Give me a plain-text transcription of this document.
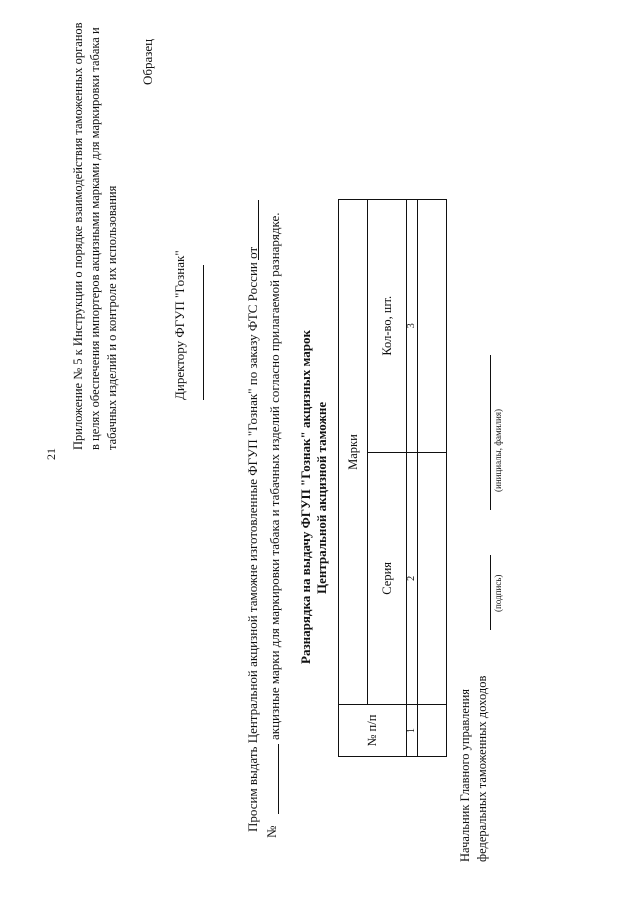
21
Приложение № 5 к Инструкции о порядке взаимодействия таможенных органов в целях обеспечения импортеров акцизными марками для маркировки табака и табачных изделий и о контроле их использования
Образец
Директору ФГУП "Гознак"	Просим выдать Центральной акцизной таможне изготовленные ФГУП "Гознак" по заказу ФТС России от №
акцизные марки для маркировки табака и табачных изделий согласно прилагаемой разнарядке. Разнарядка на выдачу ФГУП "Гознак" акцизных марок Центральной акцизной таможне
№ п/п	Марки	
	Серия	Кол-во, шт.
1	2	3

Начальник Главного управления федеральных таможенных доходов
(подпись)
(инициалы, фамилия)
